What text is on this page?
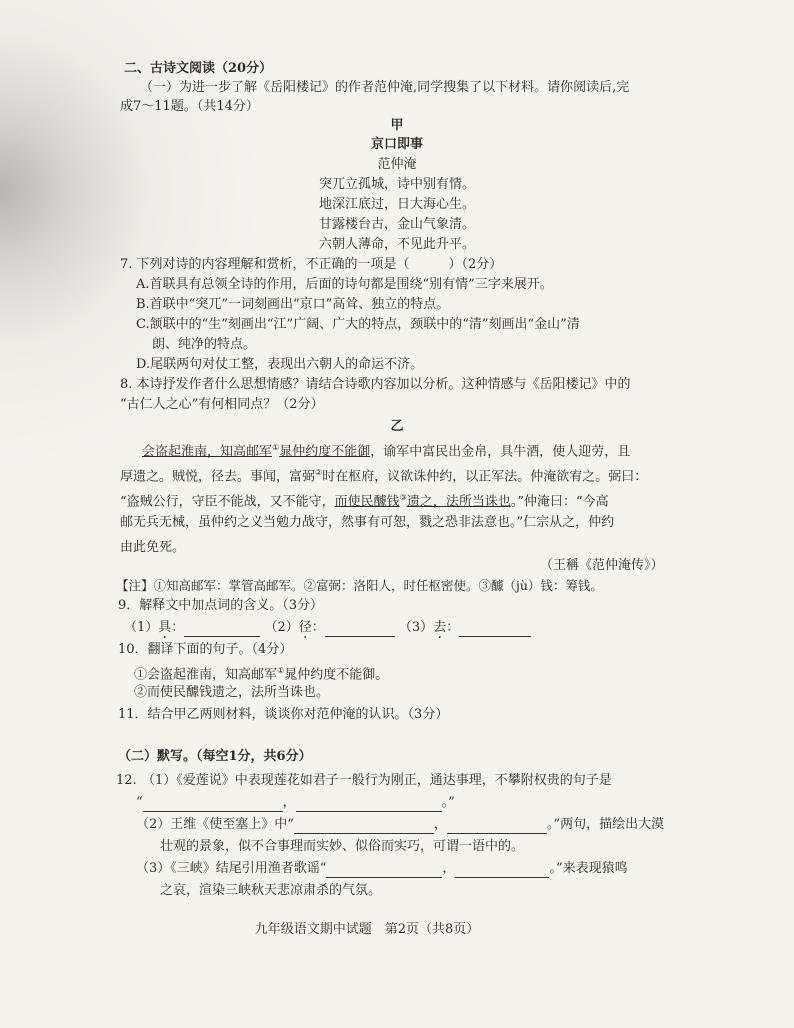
二、古诗文阅读（20分）
（一）为进一步了解《岳阳楼记》的作者范仲淹,同学搜集了以下材料。请你阅读后,完
成7～11题。（共14分）
甲
京口即事
范仲淹
突兀立孤城，诗中别有情。
地深江底过，日大海心生。
甘露楼台古，金山气象清。
六朝人薄命，不见此升平。
7. 下列对诗的内容理解和赏析，不正确的一项是（　　　）（2分）
A.首联具有总领全诗的作用，后面的诗句都是围绕“别有情”三字来展开。
B.首联中“突兀”一词刻画出“京口”高耸、独立的特点。
C.颔联中的“生”刻画出“江”广阔、广大的特点，颈联中的“清”刻画出“金山”清
朗、纯净的特点。
D.尾联两句对仗工整，表现出六朝人的命运不济。
8. 本诗抒发作者什么思想情感？请结合诗歌内容加以分析。这种情感与《岳阳楼记》中的
“古仁人之心”有何相同点？（2分）
乙
会盗起淮南，知高邮军①晁仲约度不能御，谕军中富民出金帛，具牛酒，使人迎劳，且
厚遗之。贼悦，径去。事闻，富弼②时在枢府，议欲诛仲约，以正军法。仲淹欲宥之。弼曰：
“盗贼公行，守臣不能战，又不能守，而使民醵钱③遗之，法所当诛也。”仲淹曰：“今高
邮无兵无械，虽仲约之义当勉力战守，然事有可恕，戮之恐非法意也。”仁宗从之，仲约
由此免死。
（王稱《范仲淹传》）
【注】①知高邮军：掌管高邮军。②富弼：洛阳人，时任枢密使。③醵（jù）钱：筹钱。
9．解释文中加点词的含义。（3分）
（1）具：	（2）径：	（3）去：
10．翻译下面的句子。（4分）
①会盗起淮南，知高邮军①晁仲约度不能御。
②而使民醵钱遗之，法所当诛也。
11．结合甲乙两则材料，谈谈你对范仲淹的认识。（3分）
（二）默写。（每空1分，共6分）
12. （1）《爱莲说》中表现莲花如君子一般行为刚正，通达事理，不攀附权贵的句子是
“	，	。”
（2）王维《使至塞上》中“	，	。”两句，描绘出大漠
壮观的景象，似不合事理而实妙、似俗而实巧，可谓一语中的。
（3）《三峡》结尾引用渔者歌谣“	，	。”来表现猿鸣
之哀，渲染三峡秋天悲凉肃杀的气氛。
九年级语文期中试题　第2页（共8页）
